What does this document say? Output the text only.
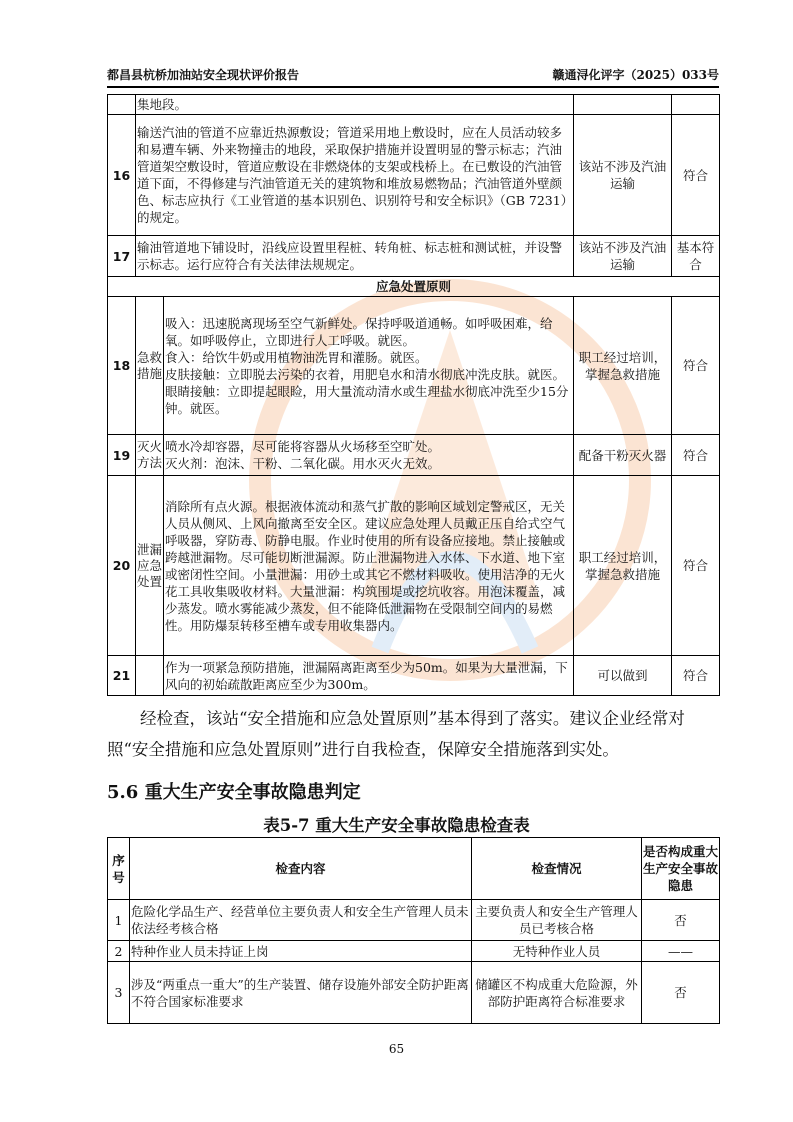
都昌县杭桥加油站安全现状评价报告	赣通浔化评字（2025）033号
	集地段。			
16	输送汽油的管道不应靠近热源敷设；管道采用地上敷设时，应在人员活动较多和易遭车辆、外来物撞击的地段，采取保护措施并设置明显的警示标志；汽油管道架空敷设时，管道应敷设在非燃烧体的支架或栈桥上。在已敷设的汽油管道下面，不得修建与汽油管道无关的建筑物和堆放易燃物品；汽油管道外壁颜色、标志应执行《工业管道的基本识别色、识别符号和安全标识》（GB 7231）的规定。		该站不涉及汽油运输	符合
17	输油管道地下铺设时，沿线应设置里程桩、转角桩、标志桩和测试桩，并设警示标志。运行应符合有关法律法规规定。		该站不涉及汽油运输	基本符合
应急处置原则				
18	急救措施	吸入：迅速脱离现场至空气新鲜处。保持呼吸道通畅。如呼吸困难，给氧。如呼吸停止，立即进行人工呼吸。就医。
食入：给饮牛奶或用植物油洗胃和灌肠。就医。
皮肤接触：立即脱去污染的衣着，用肥皂水和清水彻底冲洗皮肤。就医。
眼睛接触：立即提起眼睑，用大量流动清水或生理盐水彻底冲洗至少15分钟。就医。	职工经过培训，掌握急救措施	符合
19	灭火方法	喷水冷却容器，尽可能将容器从火场移至空旷处。
灭火剂：泡沫、干粉、二氧化碳。用水灭火无效。	配备干粉灭火器	符合
20	泄漏应急处置	消除所有点火源。根据液体流动和蒸气扩散的影响区域划定警戒区，无关人员从侧风、上风向撤离至安全区。建议应急处理人员戴正压自给式空气呼吸器，穿防毒、防静电服。作业时使用的所有设备应接地。禁止接触或跨越泄漏物。尽可能切断泄漏源。防止泄漏物进入水体、下水道、地下室或密闭性空间。小量泄漏：用砂土或其它不燃材料吸收。使用洁净的无火花工具收集吸收材料。大量泄漏：构筑围堤或挖坑收容。用泡沫覆盖，减少蒸发。喷水雾能减少蒸发，但不能降低泄漏物在受限制空间内的易燃性。用防爆泵转移至槽车或专用收集器内。	职工经过培训，掌握急救措施	符合
21		作为一项紧急预防措施，泄漏隔离距离至少为50m。如果为大量泄漏，下风向的初始疏散距离应至少为300m。	可以做到	符合
经检查，该站“安全措施和应急处置原则”基本得到了落实。建议企业经常对照“安全措施和应急处置原则”进行自我检查，保障安全措施落到实处。
5.6 重大生产安全事故隐患判定
表5-7 重大生产安全事故隐患检查表
序号	检查内容	检查情况	是否构成重大生产安全事故隐患
1	危险化学品生产、经营单位主要负责人和安全生产管理人员未依法经考核合格	主要负责人和安全生产管理人员已考核合格	否
2	特种作业人员未持证上岗	无特种作业人员	——
3	涉及“两重点一重大”的生产装置、储存设施外部安全防护距离不符合国家标准要求	储罐区不构成重大危险源，外部防护距离符合标准要求	否
65
